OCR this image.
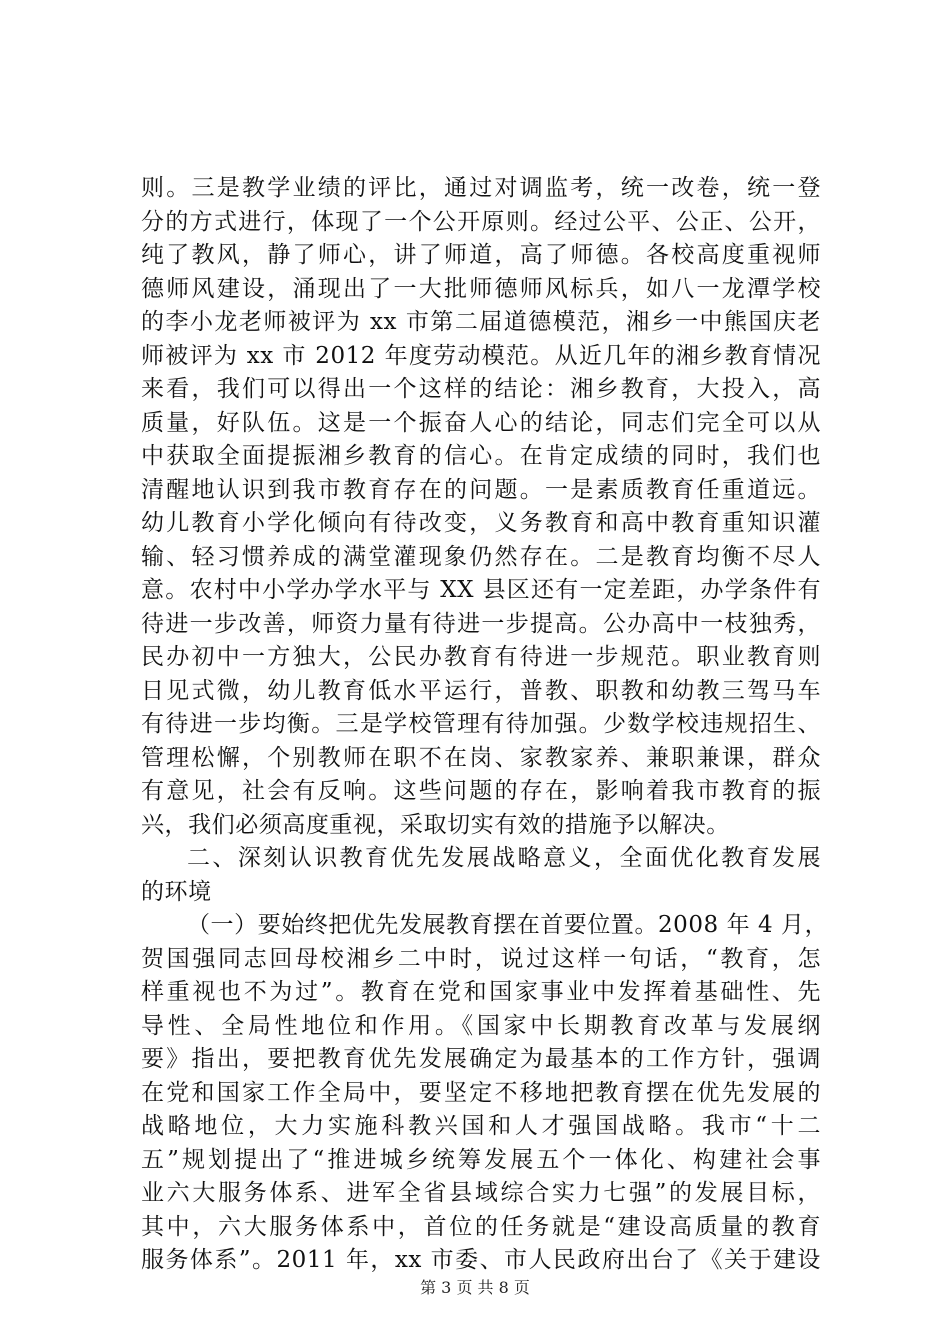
则。三是教学业绩的评比，通过对调监考，统一改卷，统一登
分的方式进行，体现了一个公开原则。经过公平、公正、公开，
纯了教风，静了师心，讲了师道，高了师德。各校高度重视师
德师风建设，涌现出了一大批师德师风标兵，如八一龙潭学校
的李小龙老师被评为 xx 市第二届道德模范，湘乡一中熊国庆老
师被评为 xx 市 2012 年度劳动模范。从近几年的湘乡教育情况
来看，我们可以得出一个这样的结论：湘乡教育，大投入，高
质量，好队伍。这是一个振奋人心的结论，同志们完全可以从
中获取全面提振湘乡教育的信心。在肯定成绩的同时，我们也
清醒地认识到我市教育存在的问题。一是素质教育任重道远。
幼儿教育小学化倾向有待改变，义务教育和高中教育重知识灌
输、轻习惯养成的满堂灌现象仍然存在。二是教育均衡不尽人
意。农村中小学办学水平与 XX 县区还有一定差距，办学条件有
待进一步改善，师资力量有待进一步提高。公办高中一枝独秀，
民办初中一方独大，公民办教育有待进一步规范。职业教育则
日见式微，幼儿教育低水平运行，普教、职教和幼教三驾马车
有待进一步均衡。三是学校管理有待加强。少数学校违规招生、
管理松懈，个别教师在职不在岗、家教家养、兼职兼课，群众
有意见，社会有反响。这些问题的存在，影响着我市教育的振
兴，我们必须高度重视，采取切实有效的措施予以解决。
二、深刻认识教育优先发展战略意义，全面优化教育发展
的环境
（一）要始终把优先发展教育摆在首要位置。2008 年 4 月，
贺国强同志回母校湘乡二中时，说过这样一句话，“教育，怎
样重视也不为过”。教育在党和国家事业中发挥着基础性、先
导性、全局性地位和作用。《国家中长期教育改革与发展纲
要》指出，要把教育优先发展确定为最基本的工作方针，强调
在党和国家工作全局中，要坚定不移地把教育摆在优先发展的
战略地位，大力实施科教兴国和人才强国战略。我市“十二
五”规划提出了“推进城乡统筹发展五个一体化、构建社会事
业六大服务体系、进军全省县域综合实力七强”的发展目标，
其中，六大服务体系中，首位的任务就是“建设高质量的教育
服务体系”。2011 年，xx 市委、市人民政府出台了《关于建设
第 3 页 共 8 页
